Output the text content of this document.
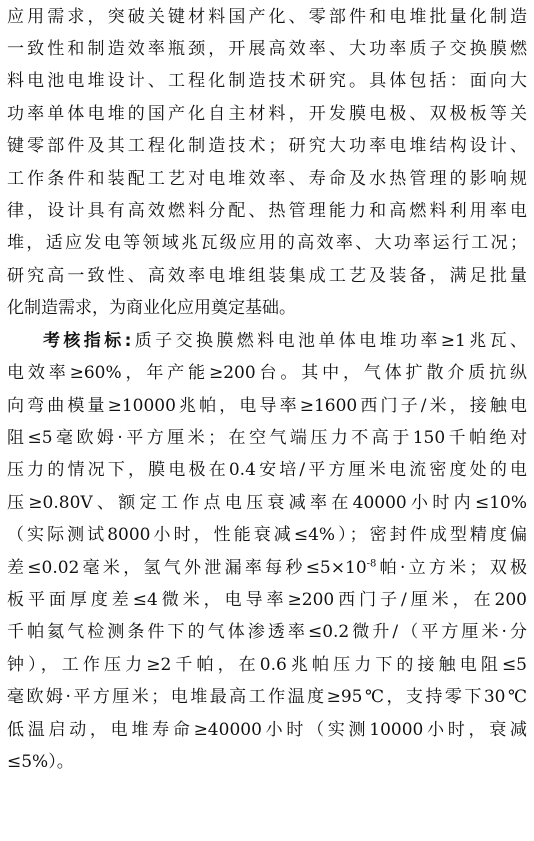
应用需求，突破关键材料国产化、零部件和电堆批量化制造
一致性和制造效率瓶颈，开展高效率、大功率质子交换膜燃
料电池电堆设计、工程化制造技术研究。具体包括：面向大
功率单体电堆的国产化自主材料，开发膜电极、双极板等关
键零部件及其工程化制造技术；研究大功率电堆结构设计、
工作条件和装配工艺对电堆效率、寿命及水热管理的影响规
律，设计具有高效燃料分配、热管理能力和高燃料利用率电
堆，适应发电等领域兆瓦级应用的高效率、大功率运行工况；
研究高一致性、高效率电堆组装集成工艺及装备，满足批量
化制造需求，为商业化应用奠定基础。
考核指标:质子交换膜燃料电池单体电堆功率≥1兆瓦、
电效率≥60%，年产能≥200台。其中，气体扩散介质抗纵
向弯曲模量≥10000兆帕，电导率≥1600西门子/米，接触电
阻≤5毫欧姆·平方厘米；在空气端压力不高于150千帕绝对
压力的情况下，膜电极在0.4安培/平方厘米电流密度处的电
压≥0.80V、额定工作点电压衰减率在40000小时内≤10%
（实际测试8000小时，性能衰减≤4%）；密封件成型精度偏
差≤0.02毫米，氢气外泄漏率每秒$\le 5\times 10^{-8}$帕·立方米；双极
板平面厚度差≤4微米，电导率≥200西门子/厘米，在200
千帕氦气检测条件下的气体渗透率≤0.2微升/（平方厘米·分
钟），工作压力≥2千帕，在0.6兆帕压力下的接触电阻≤5
毫欧姆·平方厘米；电堆最高工作温度≥95℃，支持零下30℃
低温启动，电堆寿命≥40000小时（实测10000小时，衰减
≤5%）。
